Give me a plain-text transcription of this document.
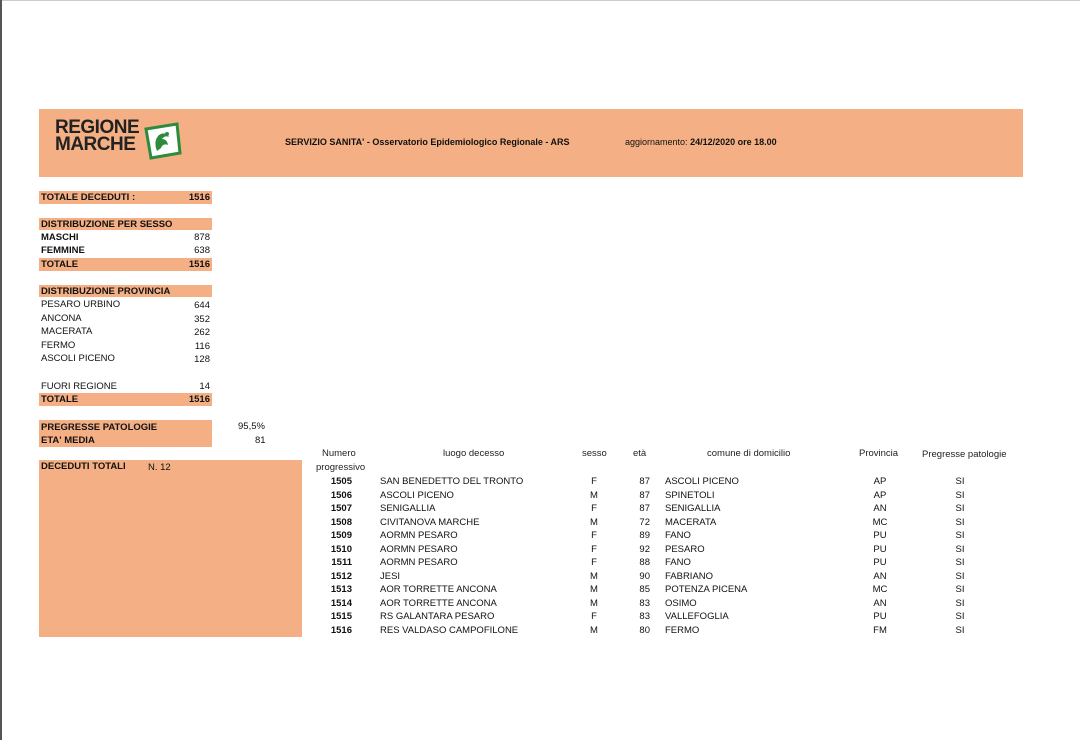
REGIONE
MARCHE	SERVIZIO SANITA' - Osservatorio Epidemiologico Regionale - ARS	aggiornamento: 24/12/2020 ore 18.00
TOTALE DECEDUTI :	1516
DISTRIBUZIONE PER SESSO
MASCHI	878
FEMMINE	638
TOTALE	1516
DISTRIBUZIONE PROVINCIA
PESARO URBINO	644
ANCONA	352
MACERATA	262
FERMO	116
ASCOLI PICENO	128
FUORI REGIONE	14
TOTALE	1516
PREGRESSE PATOLOGIE	95,5%
ETA' MEDIA	81
DECEDUTI TOTALI N. 12
Numero
progressivo
luogo decesso	sesso	età	comune di domicilio	Provincia	Pregresse patologie
1505	SAN BENEDETTO DEL TRONTO	F	87 ASCOLI PICENO	AP	SI
1506	ASCOLI PICENO	M	87 SPINETOLI	AP	SI
1507	SENIGALLIA	F	87 SENIGALLIA	AN	SI
1508	CIVITANOVA MARCHE	M	72 MACERATA	MC	SI
1509	AORMN PESARO	F	89 FANO	PU	SI
1510	AORMN PESARO	F	92 PESARO	PU	SI
1511	AORMN PESARO	F	88 FANO	PU	SI
1512	JESI	M	90 FABRIANO	AN	SI
1513	AOR TORRETTE ANCONA	M	85 POTENZA PICENA	MC	SI
1514	AOR TORRETTE ANCONA	M	83 OSIMO	AN	SI
1515	RS GALANTARA PESARO	F	83 VALLEFOGLIA	PU	SI
1516	RES VALDASO CAMPOFILONE	M	80 FERMO	FM	SI
